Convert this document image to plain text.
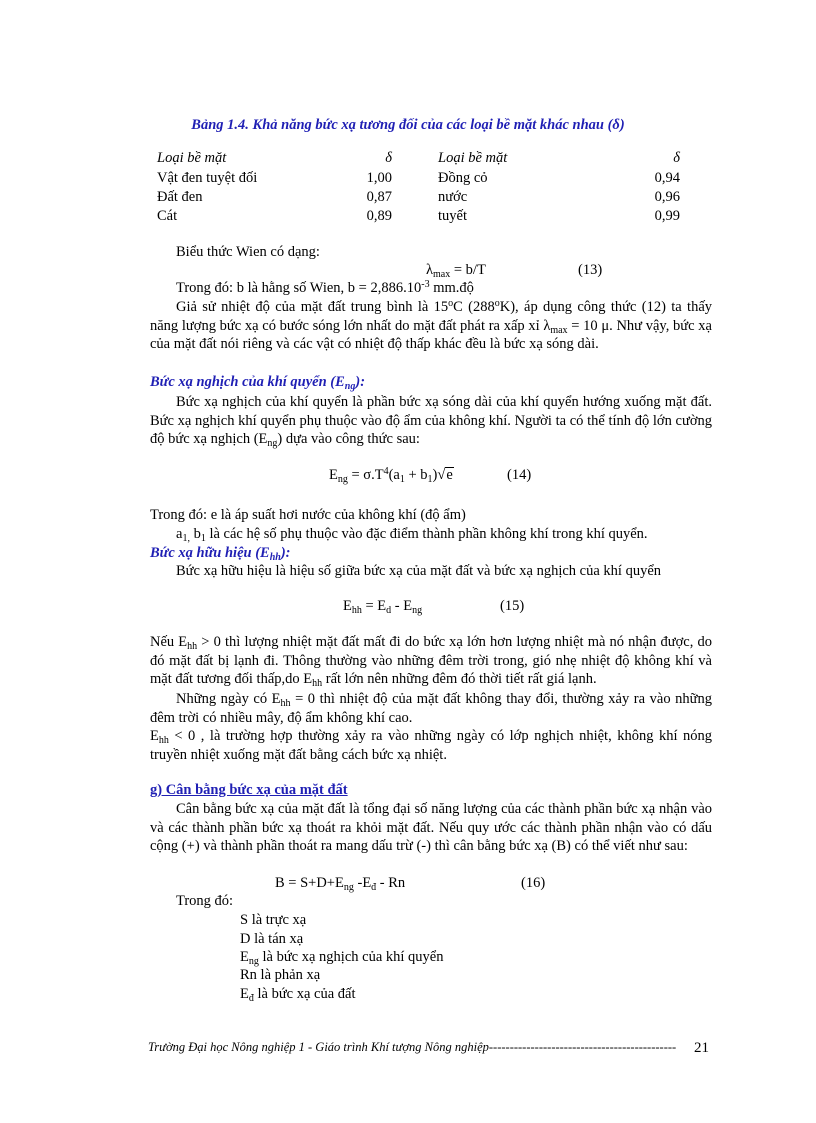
Bảng 1.4. Khả năng bức xạ tương đối của các loại bề mặt khác nhau (δ)
Loại bề mặt	δ	Loại bề mặt	δ
Vật đen tuyệt đối	1,00	Đồng cỏ	0,94
Đất đen	0,87	nước	0,96
Cát	0,89	tuyết	0,99
Biểu thức Wien có dạng:
$\lambda_{max} = b/T$	(13)
Trong đó: b là hằng số Wien, $b = 2,886.10^{-3}$ mm.độ
Giả sử nhiệt độ của mặt đất trung bình là 15$^o$C (288$^o$K), áp dụng công thức (12) ta thấy năng lượng bức xạ có bước sóng lớn nhất do mặt đất phát ra xấp xỉ $\lambda_{max} = 10$ μ. Như vậy, bức xạ của mặt đất nói riêng và các vật có nhiệt độ thấp khác đều là bức xạ sóng dài.
Bức xạ nghịch của khí quyển $(E_{ng})$:
Bức xạ nghịch của khí quyển là phần bức xạ sóng dài của khí quyển hướng xuống mặt đất. Bức xạ nghịch khí quyển phụ thuộc vào độ ẩm của không khí. Người ta có thể tính độ lớn cường độ bức xạ nghịch $(E_{ng})$ dựa vào công thức sau:
$E_{ng} = \sigma.T^4(a_1 + b_1)√e$	(14)
Trong đó: e là áp suất hơi nước của không khí (độ ẩm)
$a_{1,}$ $b_1$ là các hệ số phụ thuộc vào đặc điểm thành phần không khí trong khí quyển.
Bức xạ hữu hiệu $(E_{hh})$:
Bức xạ hữu hiệu là hiệu số giữa bức xạ của mặt đất và bức xạ nghịch của khí quyển
$E_{hh} = E_d - E_{ng}$	(15)
Nếu $E_{hh} > 0$ thì lượng nhiệt mặt đất mất đi do bức xạ lớn hơn lượng nhiệt mà nó nhận được, do đó mặt đất bị lạnh đi. Thông thường vào những đêm trời trong, gió nhẹ nhiệt độ không khí và mặt đất tương đối thấp,do $E_{hh}$ rất lớn nên những đêm đó thời tiết rất giá lạnh.
Những ngày có $E_{hh} = 0$ thì nhiệt độ của mặt đất không thay đổi, thường xảy ra vào những đêm trời có nhiều mây, độ ẩm không khí cao.
$E_{hh} < 0$ , là trường hợp thường xảy ra vào những ngày có lớp nghịch nhiệt, không khí nóng truyền nhiệt xuống mặt đất bằng cách bức xạ nhiệt.
g) Cân bằng bức xạ của mặt đất
Cân bằng bức xạ của mặt đất là tổng đại số năng lượng của các thành phần bức xạ nhận vào và các thành phần bức xạ thoát ra khỏi mặt đất. Nếu quy ước các thành phần nhận vào có dấu cộng (+) và thành phần thoát ra mang dấu trừ (-) thì cân bằng bức xạ (B) có thể viết như sau:
$B = S+D+E_{ng}$ $-E_đ$ - Rn	(16)
Trong đó:
S là trực xạ
D là tán xạ
$E_{ng}$ là bức xạ nghịch của khí quyển
Rn là phản xạ
$E_đ$ là bức xạ của đất
Trường Đại học Nông nghiệp 1 - Giáo trình Khí tượng Nông nghiệp--------------------------------------------- 21
